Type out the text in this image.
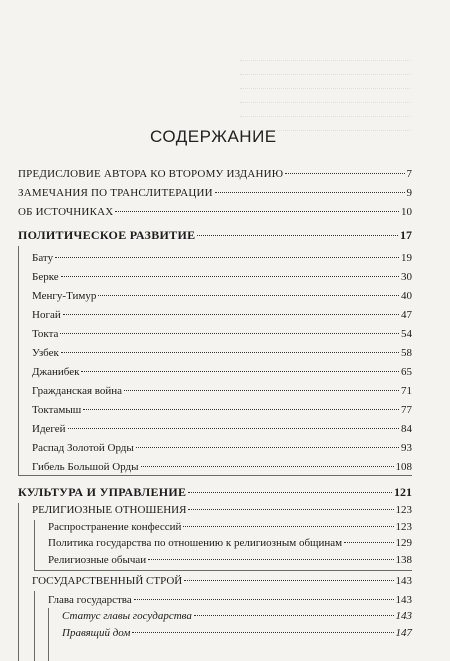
СОДЕРЖАНИЕ
ПРЕДИСЛОВИЕ АВТОРА КО ВТОРОМУ ИЗДАНИЮ	7
ЗАМЕЧАНИЯ ПО ТРАНСЛИТЕРАЦИИ	9
ОБ ИСТОЧНИКАХ	10
ПОЛИТИЧЕСКОЕ РАЗВИТИЕ	17
Бату	19
Берке	30
Менгу-Тимур	40
Ногай	47
Токта	54
Узбек	58
Джанибек	65
Гражданская война	71
Токтамыш	77
Идегей	84
Распад Золотой Орды	93
Гибель Большой Орды	108
КУЛЬТУРА И УПРАВЛЕНИЕ	121
РЕЛИГИОЗНЫЕ ОТНОШЕНИЯ	123
Распространение конфессий	123
Политика государства по отношению к религиозным общинам	129
Религиозные обычаи	138
ГОСУДАРСТВЕННЫЙ СТРОЙ	143
Глава государства	143
Статус главы государства	143
Правящий дом	147
